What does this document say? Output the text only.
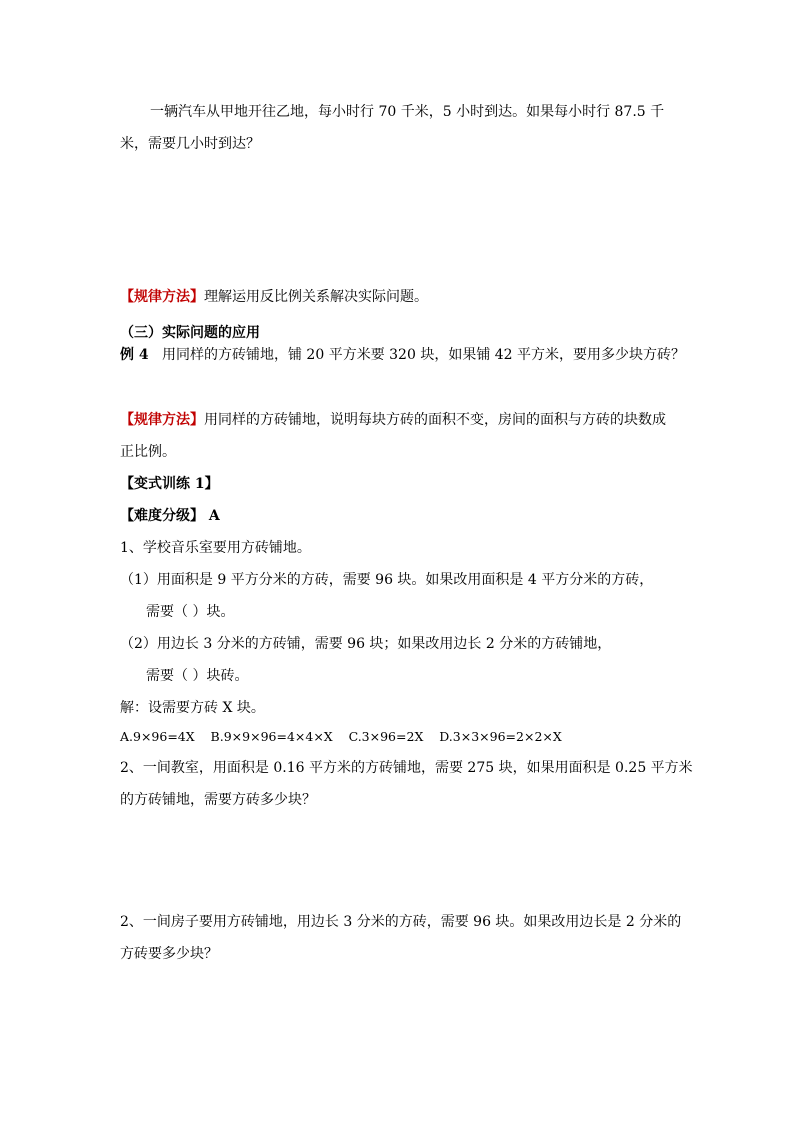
一辆汽车从甲地开往乙地，每小时行 70 千米，5 小时到达。如果每小时行 87.5 千
米，需要几小时到达？
【规律方法】理解运用反比例关系解决实际问题。
（三）实际问题的应用
例 4 用同样的方砖铺地，铺 20 平方米要 320 块，如果铺 42 平方米，要用多少块方砖？
【规律方法】用同样的方砖铺地，说明每块方砖的面积不变，房间的面积与方砖的块数成
正比例。
【变式训练 1】
【难度分级】 A
1、学校音乐室要用方砖铺地。
（1）用面积是 9 平方分米的方砖，需要 96 块。如果改用面积是 4 平方分米的方砖，
需要（ ）块。
（2）用边长 3 分米的方砖铺，需要 96 块；如果改用边长 2 分米的方砖铺地，
需要（ ）块砖。
解：设需要方砖 X 块。
A.9×96=4X    B.9×9×96=4×4×X    C.3×96=2X    D.3×3×96=2×2×X
2、一间教室，用面积是 0.16 平方米的方砖铺地，需要 275 块，如果用面积是 0.25 平方米
的方砖铺地，需要方砖多少块？
2、一间房子要用方砖铺地，用边长 3 分米的方砖，需要 96 块。如果改用边长是 2 分米的
方砖要多少块？
